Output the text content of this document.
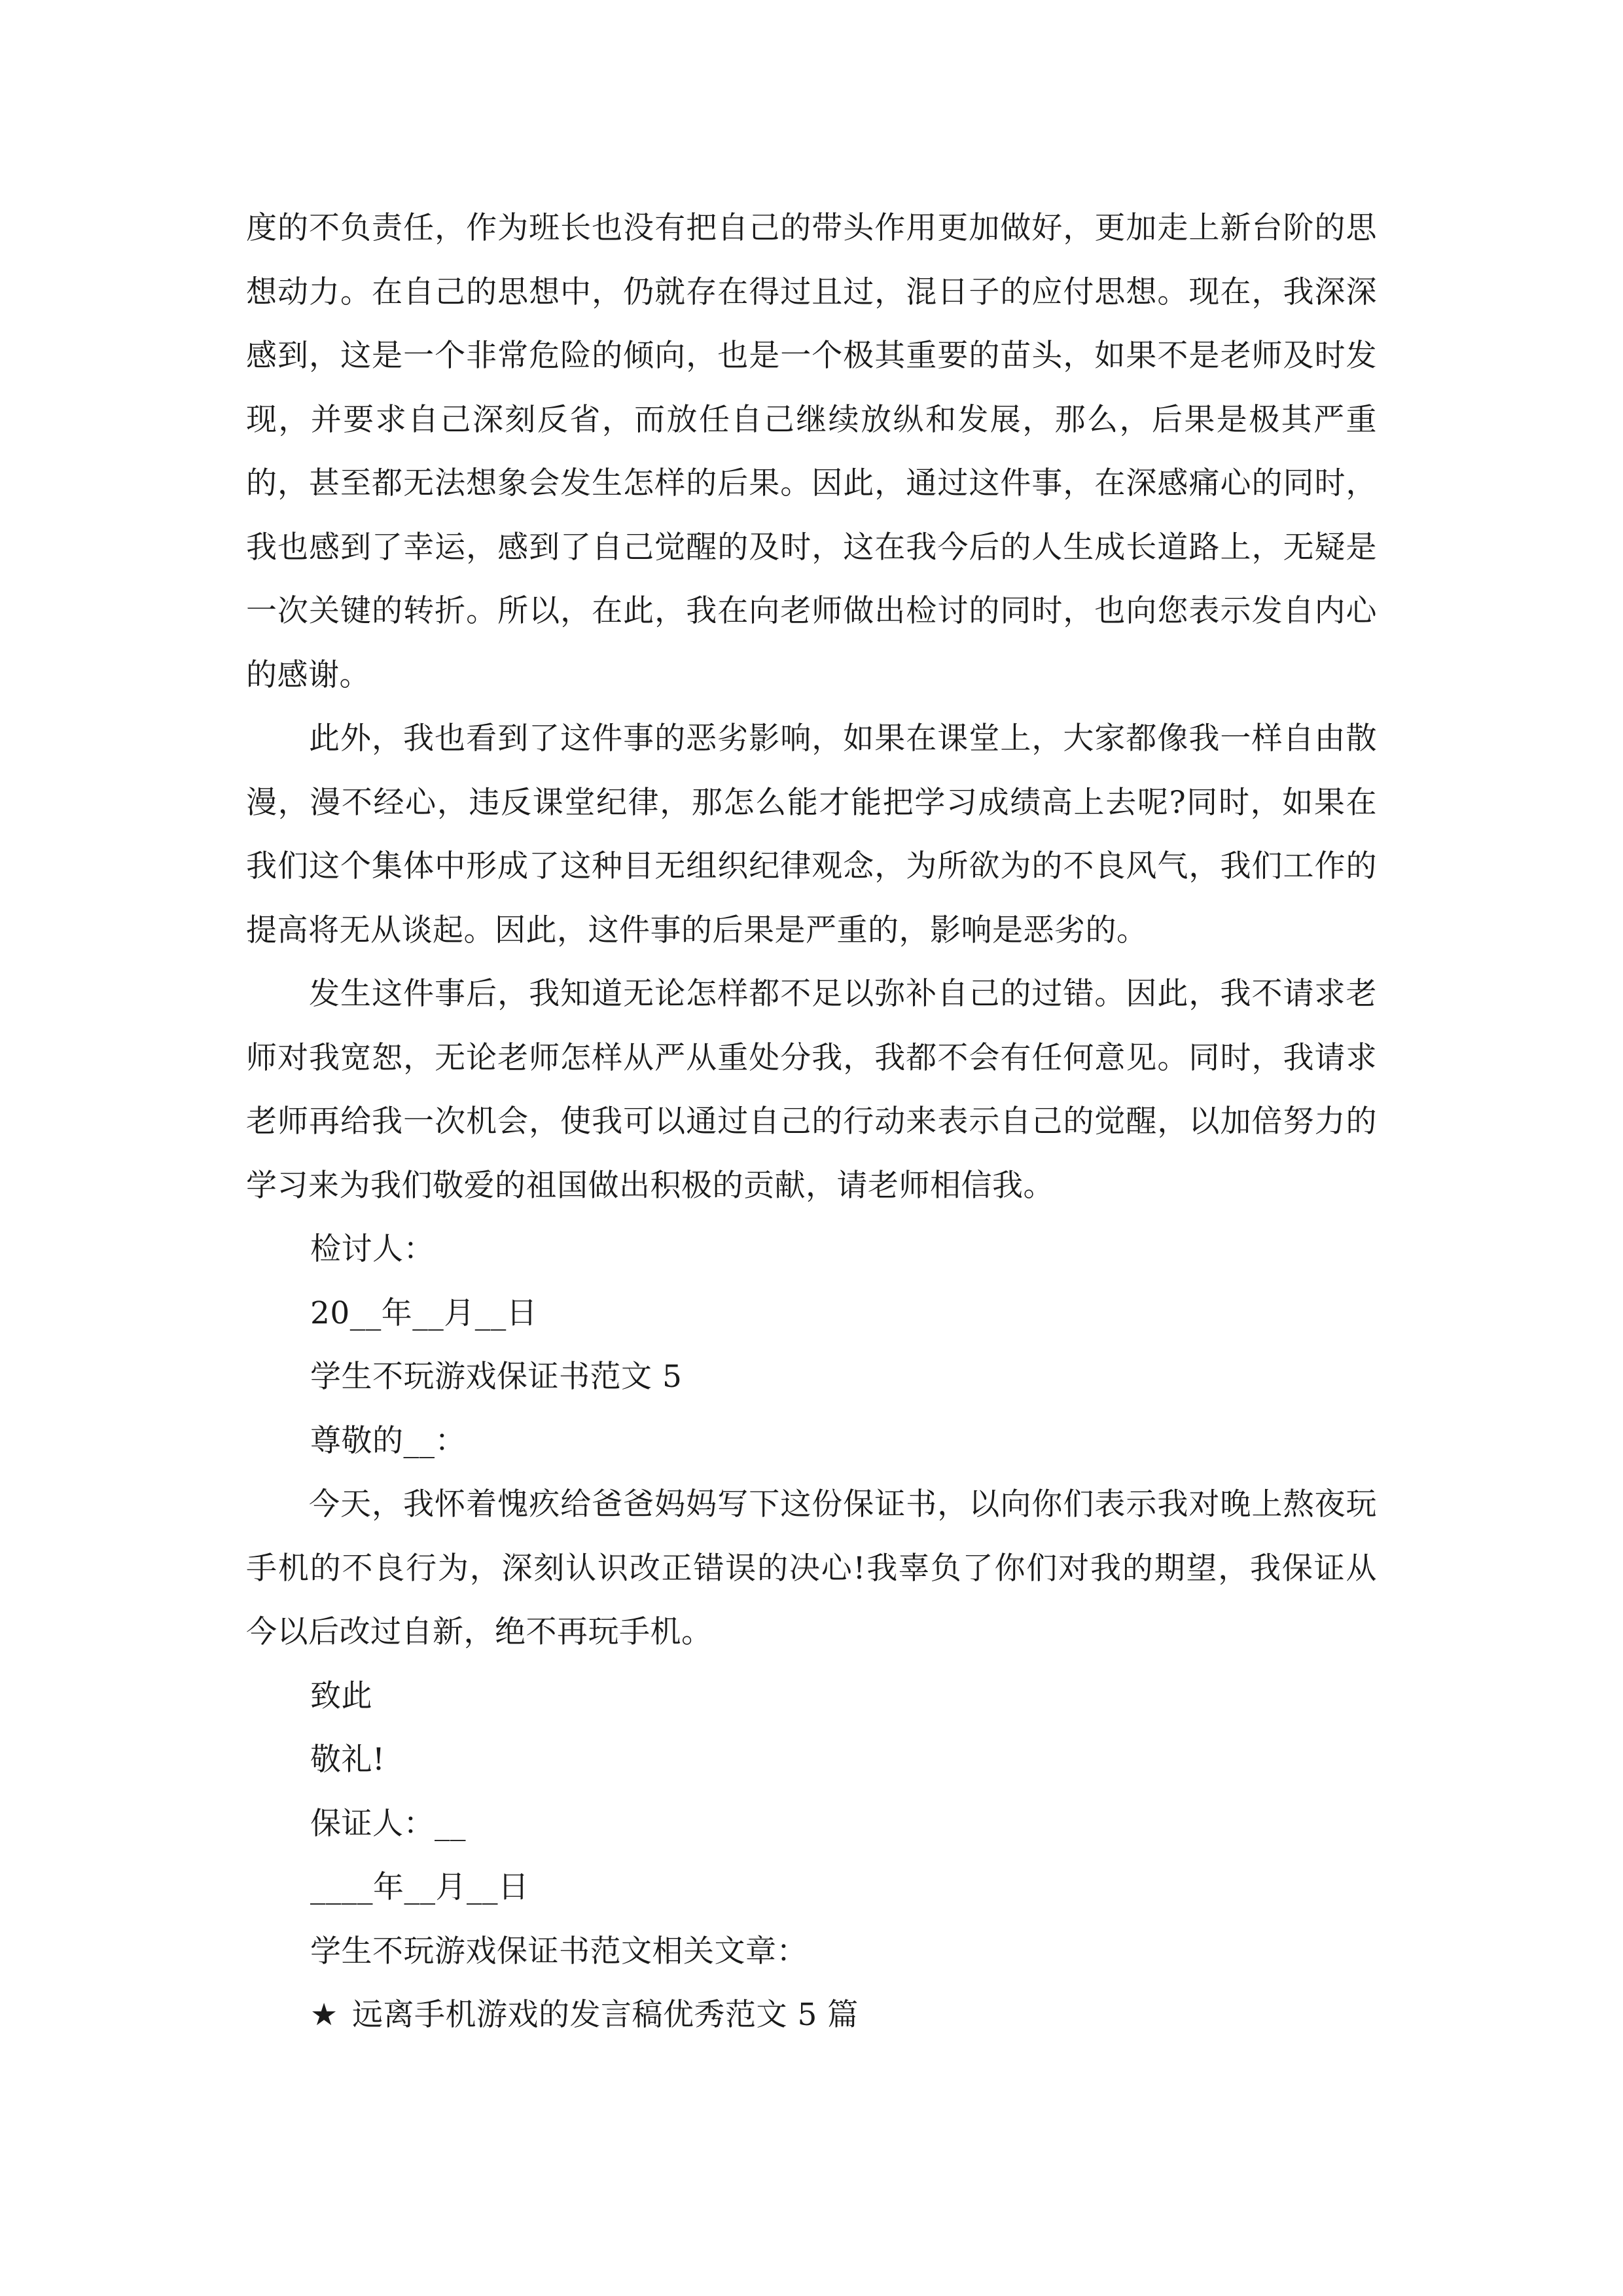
度的不负责任，作为班长也没有把自己的带头作用更加做好，更加走上新台阶的思想动力。在自己的思想中，仍就存在得过且过，混日子的应付思想。现在，我深深感到，这是一个非常危险的倾向，也是一个极其重要的苗头，如果不是老师及时发现，并要求自己深刻反省，而放任自己继续放纵和发展，那么，后果是极其严重的，甚至都无法想象会发生怎样的后果。因此，通过这件事，在深感痛心的同时，我也感到了幸运，感到了自己觉醒的及时，这在我今后的人生成长道路上，无疑是一次关键的转折。所以，在此，我在向老师做出检讨的同时，也向您表示发自内心的感谢。

此外，我也看到了这件事的恶劣影响，如果在课堂上，大家都像我一样自由散漫，漫不经心，违反课堂纪律，那怎么能才能把学习成绩高上去呢?同时，如果在我们这个集体中形成了这种目无组织纪律观念，为所欲为的不良风气，我们工作的提高将无从谈起。因此，这件事的后果是严重的，影响是恶劣的。

发生这件事后，我知道无论怎样都不足以弥补自己的过错。因此，我不请求老师对我宽恕，无论老师怎样从严从重处分我，我都不会有任何意见。同时，我请求老师再给我一次机会，使我可以通过自己的行动来表示自己的觉醒，以加倍努力的学习来为我们敬爱的祖国做出积极的贡献，请老师相信我。

检讨人：

20__年__月__日

学生不玩游戏保证书范文 5

尊敬的__：

今天，我怀着愧疚给爸爸妈妈写下这份保证书，以向你们表示我对晚上熬夜玩手机的不良行为，深刻认识改正错误的决心!我辜负了你们对我的期望，我保证从今以后改过自新，绝不再玩手机。

致此

敬礼!

保证人：__

____年__月__日

学生不玩游戏保证书范文相关文章：

★ 远离手机游戏的发言稿优秀范文 5 篇
